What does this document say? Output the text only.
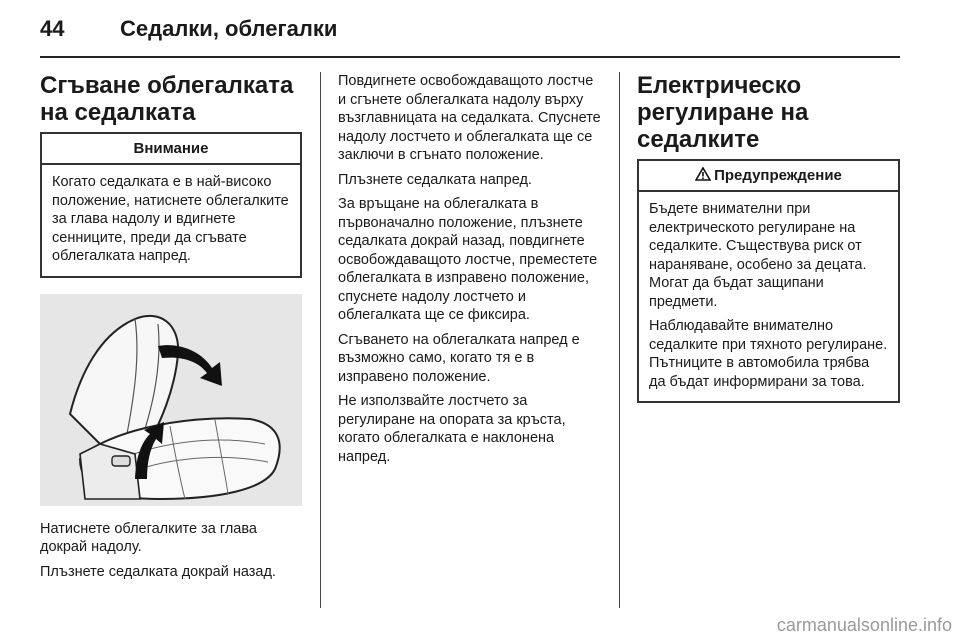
44	Седалки, облегалки
Сгъване облегалката на седалката
Внимание

Когато седалката е в най-високо положение, натиснете облегалките за глава надолу и вдигнете сенниците, преди да сгъвате облегалката напред.

Натиснете облегалките за глава докрай надолу.

Плъзнете седалката докрай назад.

Повдигнете освобождаващото лостче и сгънете облегалката надолу върху възглавницата на седалката. Спуснете надолу лостчето и облегалката ще се заключи в сгънато положение.

Плъзнете седалката напред.

За връщане на облегалката в първоначално положение, плъзнете седалката докрай назад, повдигнете освобождаващото лостче, преместете облегалката в изправено положение, спуснете надолу лостчето и облегалката ще се фиксира.

Сгъването на облегалката напред е възможно само, когато тя е в изправено положение.

Не използвайте лостчето за регулиране на опората за кръста, когато облегалката е наклонена напред.

Електрическо регулиране на седалките
Предупреждение

Бъдете внимателни при електрическото регулиране на седалките. Съществува риск от нараняване, особено за децата. Могат да бъдат защипани предмети.

Наблюдавайте внимателно седалките при тяхното регулиране. Пътниците в автомобила трябва да бъдат информирани за това.

carmanualsonline.info
